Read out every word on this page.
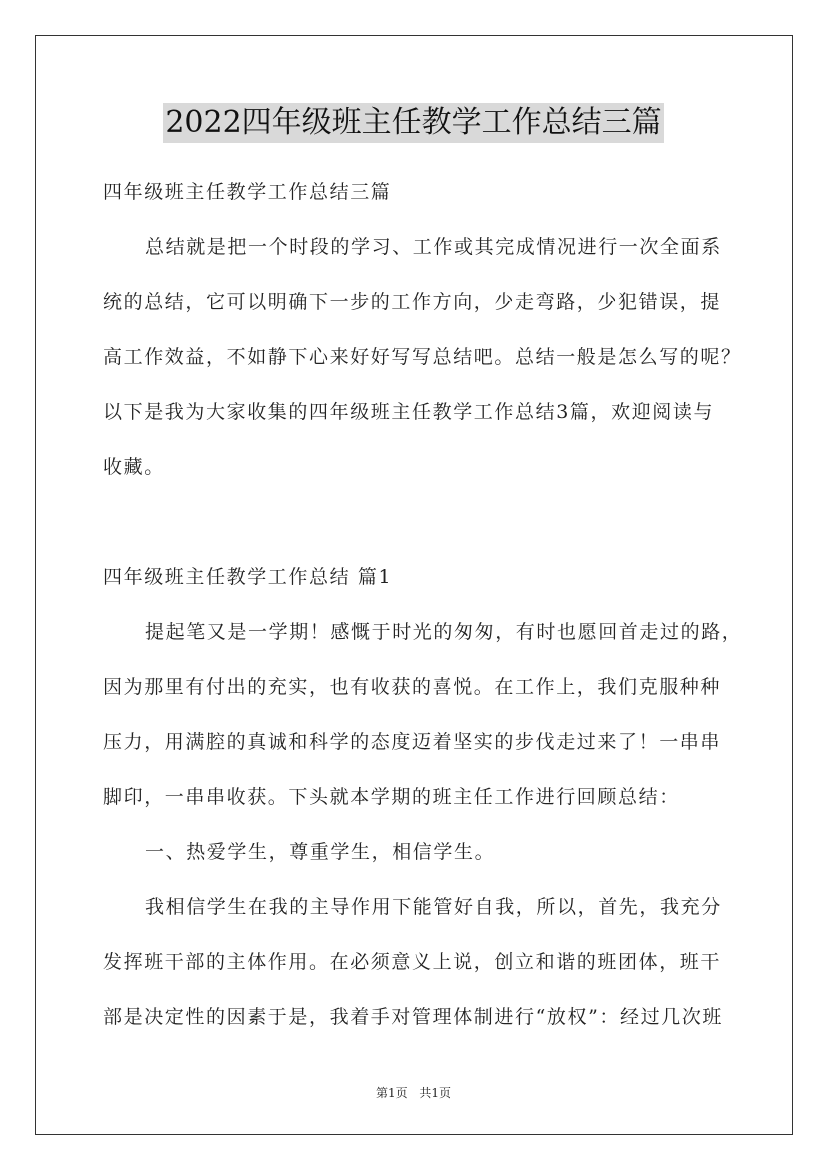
2022四年级班主任教学工作总结三篇

四年级班主任教学工作总结三篇

总结就是把一个时段的学习、工作或其完成情况进行一次全面系

统的总结，它可以明确下一步的工作方向，少走弯路，少犯错误，提

高工作效益，不如静下心来好好写写总结吧。总结一般是怎么写的呢？

以下是我为大家收集的四年级班主任教学工作总结3篇，欢迎阅读与

收藏。

四年级班主任教学工作总结 篇1

提起笔又是一学期！感慨于时光的匆匆，有时也愿回首走过的路，

因为那里有付出的充实，也有收获的喜悦。在工作上，我们克服种种

压力，用满腔的真诚和科学的态度迈着坚实的步伐走过来了！一串串

脚印，一串串收获。下头就本学期的班主任工作进行回顾总结：

一、热爱学生，尊重学生，相信学生。

我相信学生在我的主导作用下能管好自我，所以，首先，我充分

发挥班干部的主体作用。在必须意义上说，创立和谐的班团体，班干

部是决定性的因素于是，我着手对管理体制进行“放权”：经过几次班

第1页 共1页
